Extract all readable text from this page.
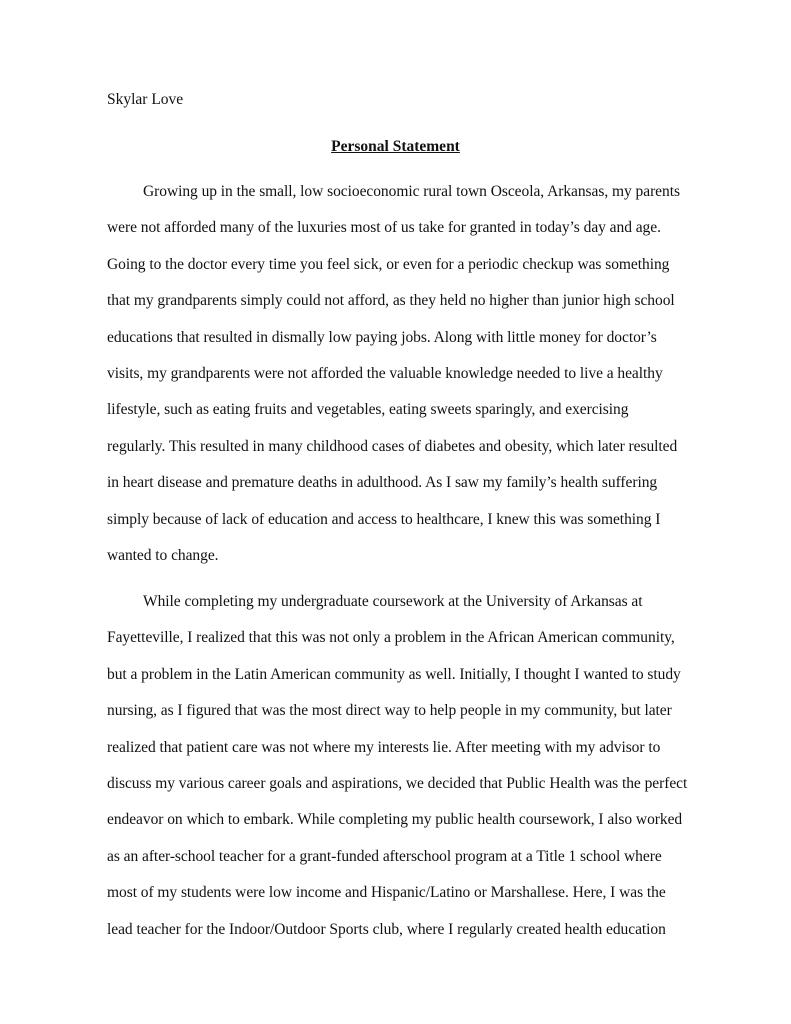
Skylar Love
Personal Statement
Growing up in the small, low socioeconomic rural town Osceola, Arkansas, my parents
were not afforded many of the luxuries most of us take for granted in today’s day and age.
Going to the doctor every time you feel sick, or even for a periodic checkup was something
that my grandparents simply could not afford, as they held no higher than junior high school
educations that resulted in dismally low paying jobs. Along with little money for doctor’s
visits, my grandparents were not afforded the valuable knowledge needed to live a healthy
lifestyle, such as eating fruits and vegetables, eating sweets sparingly, and exercising
regularly. This resulted in many childhood cases of diabetes and obesity, which later resulted
in heart disease and premature deaths in adulthood. As I saw my family’s health suffering
simply because of lack of education and access to healthcare, I knew this was something I
wanted to change.
While completing my undergraduate coursework at the University of Arkansas at
Fayetteville, I realized that this was not only a problem in the African American community,
but a problem in the Latin American community as well. Initially, I thought I wanted to study
nursing, as I figured that was the most direct way to help people in my community, but later
realized that patient care was not where my interests lie. After meeting with my advisor to
discuss my various career goals and aspirations, we decided that Public Health was the perfect
endeavor on which to embark. While completing my public health coursework, I also worked
as an after-school teacher for a grant-funded afterschool program at a Title 1 school where
most of my students were low income and Hispanic/Latino or Marshallese. Here, I was the
lead teacher for the Indoor/Outdoor Sports club, where I regularly created health education
